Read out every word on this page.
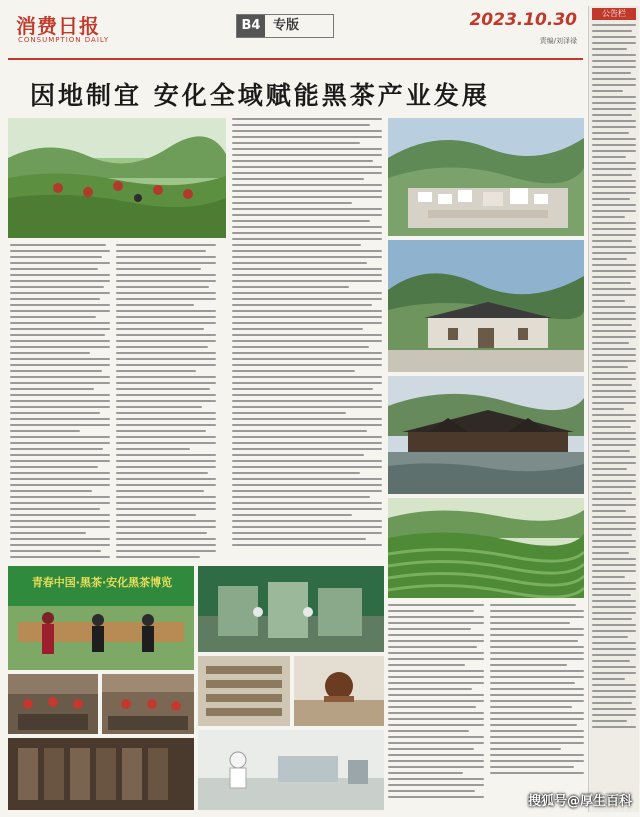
消费日报
CONSUMPTION DAILY
B4 专版	2023.10.30
责编/刘泽禄
因地制宜 安化全域赋能黑茶产业发展
青春中国·黑茶·安化黑茶博览
公告栏
搜狐号@厚生百科
